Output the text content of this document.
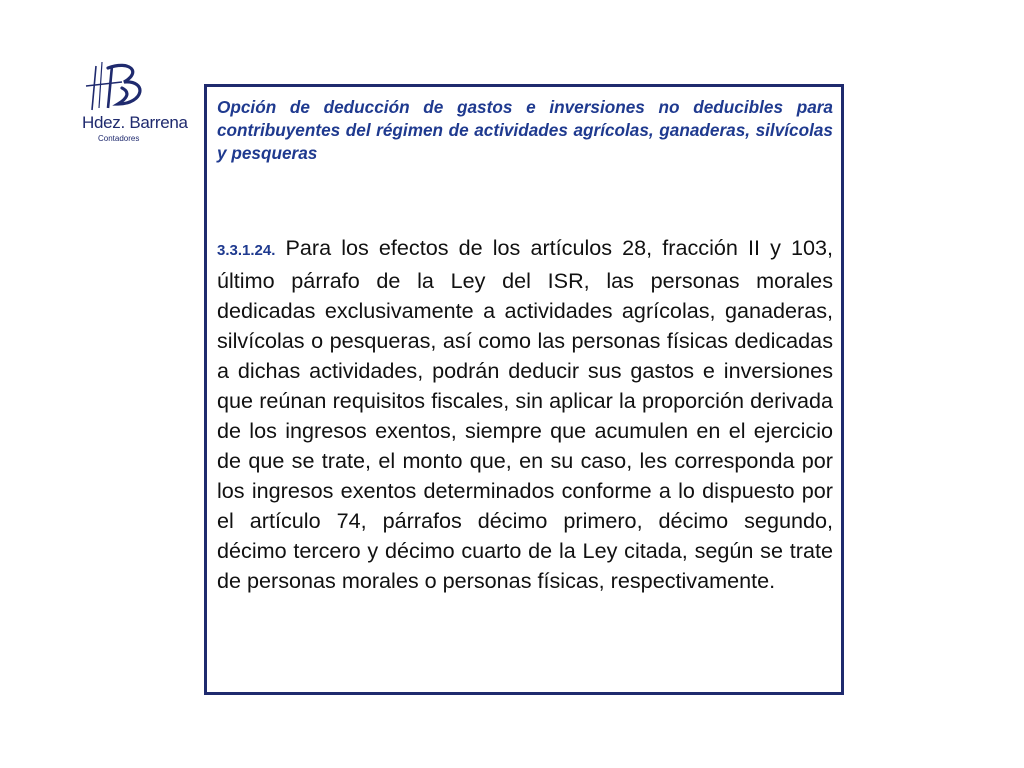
Hdez. Barrena
Contadores

Opción de deducción de gastos e inversiones no deducibles para contribuyentes del régimen de actividades agrícolas, ganaderas, silvícolas y pesqueras

3.3.1.24. Para los efectos de los artículos 28, fracción II y 103, último párrafo de la Ley del ISR, las personas morales dedicadas exclusivamente a actividades agrícolas, ganaderas, silvícolas o pesqueras, así como las personas físicas dedicadas a dichas actividades, podrán deducir sus gastos e inversiones que reúnan requisitos fiscales, sin aplicar la proporción derivada de los ingresos exentos, siempre que acumulen en el ejercicio de que se trate, el monto que, en su caso, les corresponda por los ingresos exentos determinados conforme a lo dispuesto por el artículo 74, párrafos décimo primero, décimo segundo, décimo tercero y décimo cuarto de la Ley citada, según se trate de personas morales o personas físicas, respectivamente.
